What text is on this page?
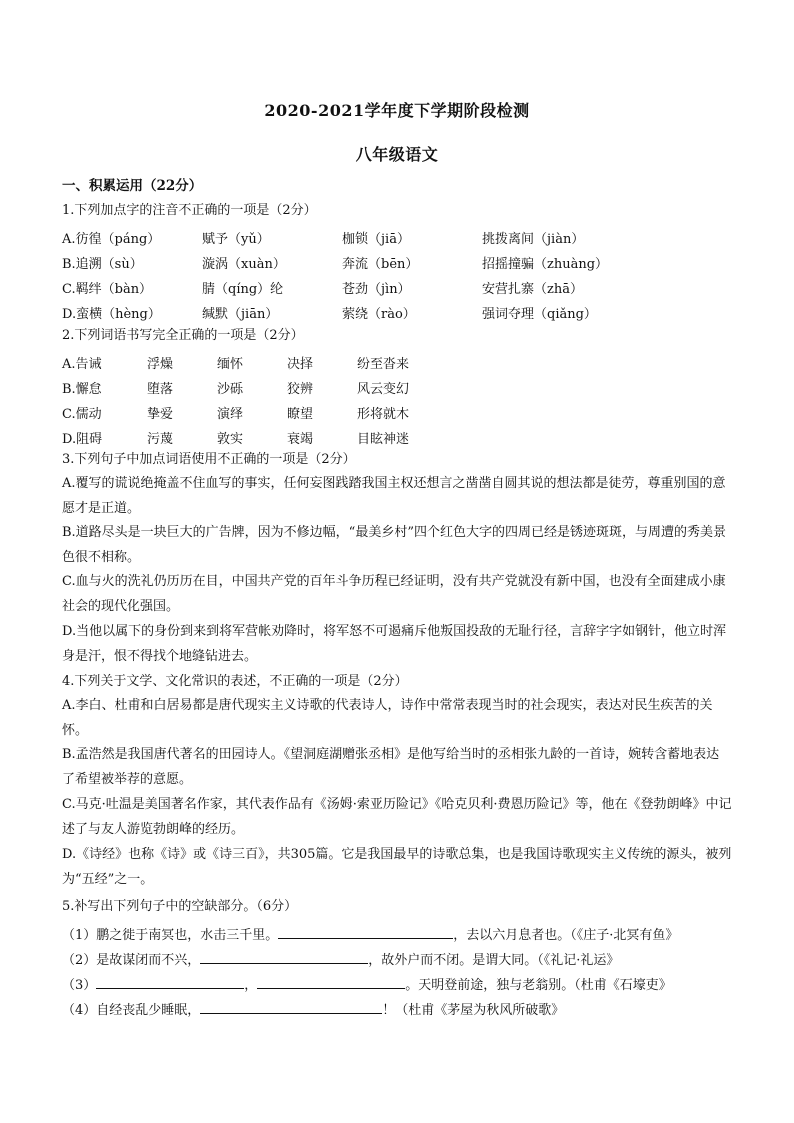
2020-2021学年度下学期阶段检测
八年级语文
一、积累运用（22分）
1.下列加点字的注音不正确的一项是（2分）
A.彷徨（páng）	赋予（yǔ）	枷锁（jiā）	挑拨离间（jiàn）
B.追溯（sù）	漩涡（xuàn）	奔流（bēn）	招摇撞骗（zhuàng）
C.羁绊（bàn）	腈（qíng）纶	苍劲（jìn）	安营扎寨（zhā）
D.蛮横（hèng）	缄默（jiān）	萦绕（rào）	强词夺理（qiǎng）
2.下列词语书写完全正确的一项是（2分）
A.告诫	浮燥	缅怀	决择	纷至沓来
B.懈怠	堕落	沙砾	狡辨	风云变幻
C.儒动	挚爱	演绎	瞭望	形将就木
D.阻碍	污蔑	敦实	衰竭	目眩神迷
3.下列句子中加点词语使用不正确的一项是（2分）
A.覆写的谎说绝掩盖不住血写的事实，任何妄图践踏我国主权还想言之凿凿自圆其说的想法都是徒劳，尊重别国的意愿才是正道。
B.道路尽头是一块巨大的广告牌，因为不修边幅，“最美乡村”四个红色大字的四周已经是锈迹斑斑，与周遭的秀美景色很不相称。
C.血与火的洗礼仍历历在目，中国共产党的百年斗争历程已经证明，没有共产党就没有新中国，也没有全面建成小康社会的现代化强国。
D.当他以属下的身份到来到将军营帐劝降时，将军怒不可遏痛斥他叛国投敌的无耻行径，言辞字字如钢针，他立时浑身是汗，恨不得找个地缝钻进去。
4.下列关于文学、文化常识的表述，不正确的一项是（2分）
A.李白、杜甫和白居易都是唐代现实主义诗歌的代表诗人，诗作中常常表现当时的社会现实，表达对民生疾苦的关怀。
B.孟浩然是我国唐代著名的田园诗人。《望洞庭湖赠张丞相》是他写给当时的丞相张九龄的一首诗，婉转含蓄地表达了希望被举荐的意愿。
C.马克·吐温是美国著名作家，其代表作品有《汤姆·索亚历险记》《哈克贝利·费恩历险记》等，他在《登勃朗峰》中记述了与友人游览勃朗峰的经历。
D.《诗经》也称《诗》或《诗三百》，共305篇。它是我国最早的诗歌总集，也是我国诗歌现实主义传统的源头，被列为“五经”之一。
5.补写出下列句子中的空缺部分。（6分）
（1）鹏之徙于南冥也，水击三千里。	，去以六月息者也。（《庄子·北冥有鱼》
（2）是故谋闭而不兴，	，故外户而不闭。是谓大同。（《礼记·礼运》
（3）	，	。天明登前途，独与老翁别。（杜甫《石壕吏》
（4）自经丧乱少睡眠，	！（杜甫《茅屋为秋风所破歌》
